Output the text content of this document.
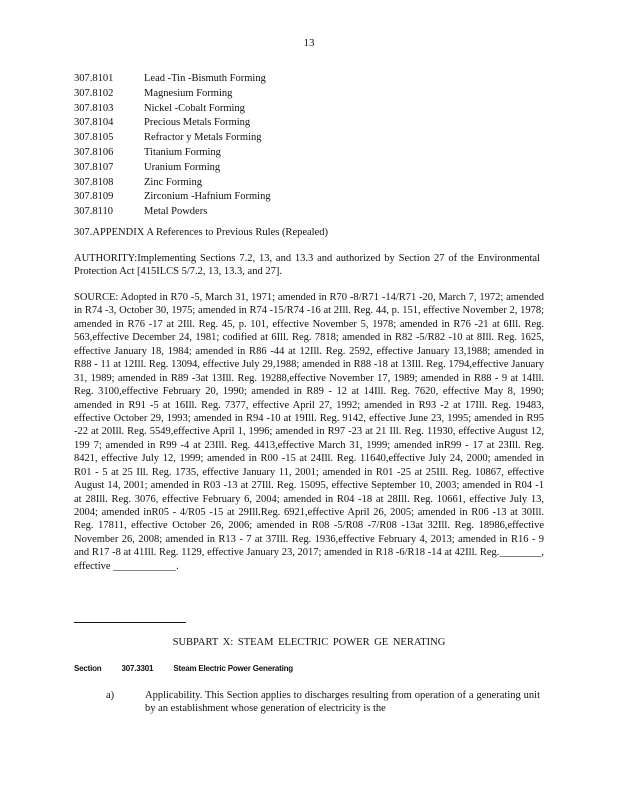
13
307.8101	Lead -Tin -Bismuth Forming
307.8102	Magnesium Forming
307.8103	Nickel -Cobalt Forming
307.8104	Precious Metals Forming
307.8105	Refractor y Metals Forming
307.8106	Titanium Forming
307.8107	Uranium Forming
307.8108	Zinc Forming
307.8109	Zirconium -Hafnium Forming
307.8110	Metal Powders
307.APPENDIX A References to Previous Rules (Repealed)
AUTHORITY:Implementing Sections 7.2, 13, and 13.3 and authorized by Section 27 of the Environmental Protection Act [415ILCS 5/7.2, 13, 13.3, and 27].
SOURCE: Adopted in R70 -5, March 31, 1971; amended in R70 -8/R71 -14/R71 -20, March 7, 1972; amended in R74 -3, October 30, 1975; amended in R74 -15/R74 -16 at 2Ill. Reg. 44, p. 151, effective November 2, 1978; amended in R76 -17 at 2Ill. Reg. 45, p. 101, effective November 5, 1978; amended in R76 -21 at 6Ill. Reg. 563,effective December 24, 1981; codified at 6Ill. Reg. 7818; amended in R82 -5/R82 -10 at 8Ill. Reg. 1625, effective January 18, 1984; amended in R86 -44 at 12Ill. Reg. 2592, effective January 13,1988; amended in R88 - 11 at 12Ill. Reg. 13094, effective July 29,1988; amended in R88 -18 at 13Ill. Reg. 1794,effective January 31, 1989; amended in R89 -3at 13Ill. Reg. 19288,effective November 17, 1989; amended in R88 - 9 at 14Ill. Reg. 3100,effective February 20, 1990; amended in R89 - 12 at 14Ill. Reg. 7620, effective May 8, 1990; amended in R91 -5 at 16Ill. Reg. 7377, effective April 27, 1992; amended in R93 -2 at 17Ill. Reg. 19483, effective October 29, 1993; amended in R94 -10 at 19Ill. Reg. 9142, effective June 23, 1995; amended in R95 -22 at 20Ill. Reg. 5549,effective April 1, 1996; amended in R97 -23 at 21 Ill. Reg. 11930, effective August 12, 199 7; amended in R99 -4 at 23Ill. Reg. 4413,effective March 31, 1999; amended inR99 - 17 at 23Ill. Reg. 8421, effective July 12, 1999; amended in R00 -15 at 24Ill. Reg. 11640,effective July 24, 2000; amended in R01 - 5 at 25 Ill. Reg. 1735, effective January 11, 2001; amended in R01 -25 at 25Ill. Reg. 10867, effective August 14, 2001; amended in R03 -13 at 27Ill. Reg. 15095, effective September 10, 2003; amended in R04 -1 at 28Ill. Reg. 3076, effective February 6, 2004; amended in R04 -18 at 28Ill. Reg. 10661, effective July 13, 2004; amended inR05 - 4/R05 -15 at 29Ill.Reg. 6921,effective April 26, 2005; amended in R06 -13 at 30Ill. Reg. 17811, effective October 26, 2006; amended in R08 -5/R08 -7/R08 -13at 32Ill. Reg. 18986,effective November 26, 2008; amended in R13 - 7 at 37Ill. Reg. 1936,effective February 4, 2013; amended in R16 - 9 and R17 -8 at 41Ill. Reg. 1129, effective January 23, 2017; amended in R18 -6/R18 -14 at 42Ill. Reg.________, effective ____________.
SUBPART X: STEAM ELECTRIC POWER GE NERATING
Section	307.3301	Steam Electric Power Generating
a)	Applicability. This Section applies to discharges resulting from operation of a generating unit by an establishment whose generation of electricity is the
